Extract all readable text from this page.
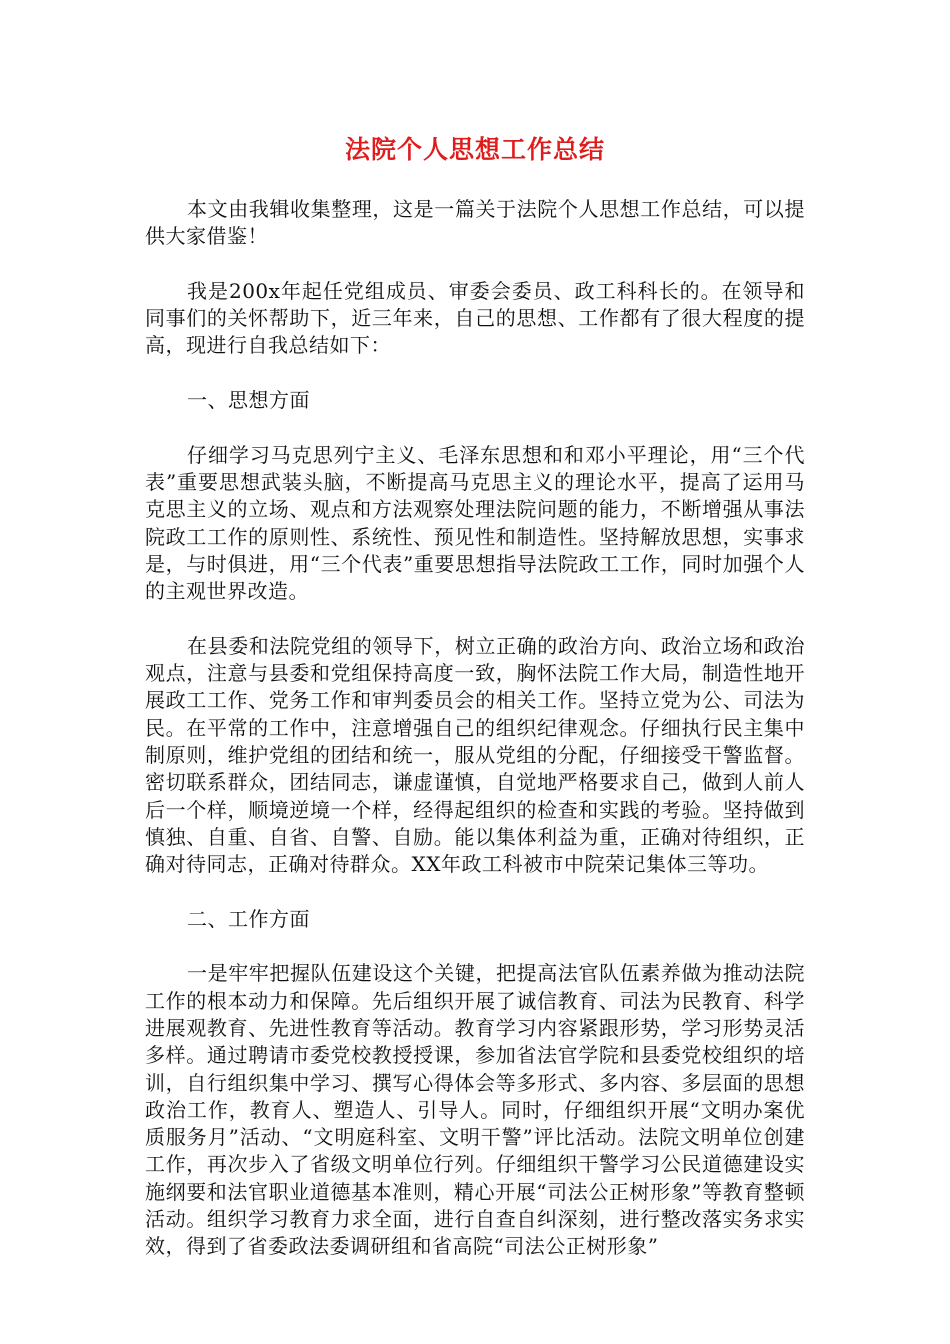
法院个人思想工作总结

本文由我辑收集整理，这是一篇关于法院个人思想工作总结，可以提供大家借鉴！

我是200x年起任党组成员、审委会委员、政工科科长的。在领导和同事们的关怀帮助下，近三年来，自己的思想、工作都有了很大程度的提高，现进行自我总结如下：

一、思想方面

仔细学习马克思列宁主义、毛泽东思想和和邓小平理论，用“三个代表”重要思想武装头脑，不断提高马克思主义的理论水平，提高了运用马克思主义的立场、观点和方法观察处理法院问题的能力，不断增强从事法院政工工作的原则性、系统性、预见性和制造性。坚持解放思想，实事求是，与时俱进，用“三个代表”重要思想指导法院政工工作，同时加强个人的主观世界改造。

在县委和法院党组的领导下，树立正确的政治方向、政治立场和政治观点，注意与县委和党组保持高度一致，胸怀法院工作大局，制造性地开展政工工作、党务工作和审判委员会的相关工作。坚持立党为公、司法为民。在平常的工作中，注意增强自己的组织纪律观念。仔细执行民主集中制原则，维护党组的团结和统一，服从党组的分配，仔细接受干警监督。密切联系群众，团结同志，谦虚谨慎，自觉地严格要求自己，做到人前人后一个样，顺境逆境一个样，经得起组织的检查和实践的考验。坚持做到慎独、自重、自省、自警、自励。能以集体利益为重，正确对待组织，正确对待同志，正确对待群众。XX年政工科被市中院荣记集体三等功。

二、工作方面

一是牢牢把握队伍建设这个关键，把提高法官队伍素养做为推动法院工作的根本动力和保障。先后组织开展了诚信教育、司法为民教育、科学进展观教育、先进性教育等活动。教育学习内容紧跟形势，学习形势灵活多样。通过聘请市委党校教授授课，参加省法官学院和县委党校组织的培训，自行组织集中学习、撰写心得体会等多形式、多内容、多层面的思想政治工作，教育人、塑造人、引导人。同时，仔细组织开展“文明办案优质服务月”活动、“文明庭科室、文明干警”评比活动。法院文明单位创建工作，再次步入了省级文明单位行列。仔细组织干警学习公民道德建设实施纲要和法官职业道德基本准则，精心开展“司法公正树形象”等教育整顿活动。组织学习教育力求全面，进行自查自纠深刻，进行整改落实务求实效，得到了省委政法委调研组和省高院“司法公正树形象”
